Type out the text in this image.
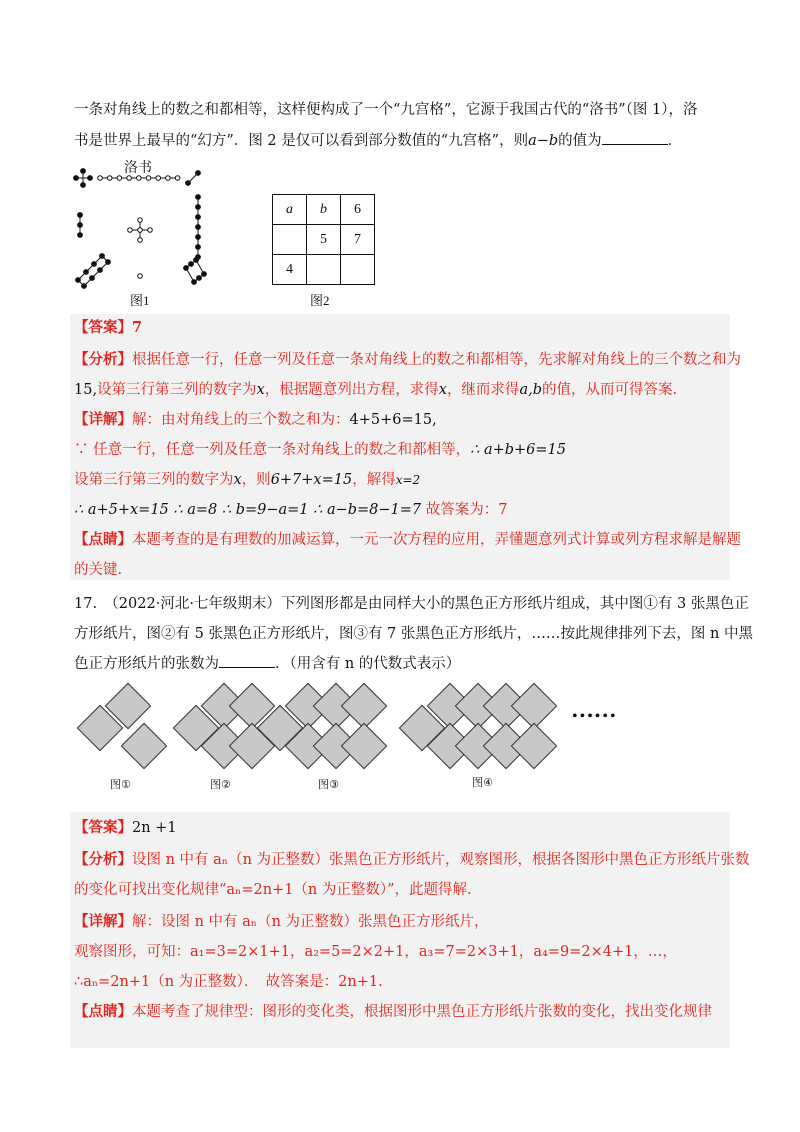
一条对角线上的数之和都相等，这样便构成了一个“九宫格”，它源于我国古代的“洛书”（图 1），洛
书是世界上最早的“幻方”．图 2 是仅可以看到部分数值的“九宫格”，则a−b的值为	．
洛书
图1
a	b	6
	5	7
4		
图2
【答案】7
【分析】根据任意一行，任意一列及任意一条对角线上的数之和都相等，先求解对角线上的三个数之和为
15,设第三行第三列的数字为x，根据题意列出方程，求得x，继而求得a,b的值，从而可得答案.
【详解】解：由对角线上的三个数之和为：4+5+6=15,
∵ 任意一行，任意一列及任意一条对角线上的数之和都相等，∴ a+b+6=15
设第三行第三列的数字为x，则6+7+x=15，解得x=2
∴ a+5+x=15 ∴ a=8 ∴ b=9−a=1 ∴ a−b=8−1=7 故答案为：7
【点睛】本题考查的是有理数的加减运算，一元一次方程的应用，弄懂题意列式计算或列方程求解是解题
的关键.
17.　（2022·河北·七年级期末）下列图形都是由同样大小的黑色正方形纸片组成，其中图①有 3 张黑色正
方形纸片，图②有 5 张黑色正方形纸片，图③有 7 张黑色正方形纸片，……按此规律排列下去，图 n 中黑
色正方形纸片的张数为	．（用含有 n 的代数式表示）
••••••
图①	图②	图③	图④
【答案】2n +1
【分析】设图 n 中有 aₙ（n 为正整数）张黑色正方形纸片，观察图形，根据各图形中黑色正方形纸片张数
的变化可找出变化规律“aₙ=2n+1（n 为正整数）”，此题得解.
【详解】解：设图 n 中有 aₙ（n 为正整数）张黑色正方形纸片，
观察图形，可知：a₁=3=2×1+1，a₂=5=2×2+1，a₃=7=2×3+1，a₄=9=2×4+1，…，
∴aₙ=2n+1（n 为正整数）．　故答案是：2n+1.
【点睛】本题考查了规律型：图形的变化类，根据图形中黑色正方形纸片张数的变化，找出变化规律
